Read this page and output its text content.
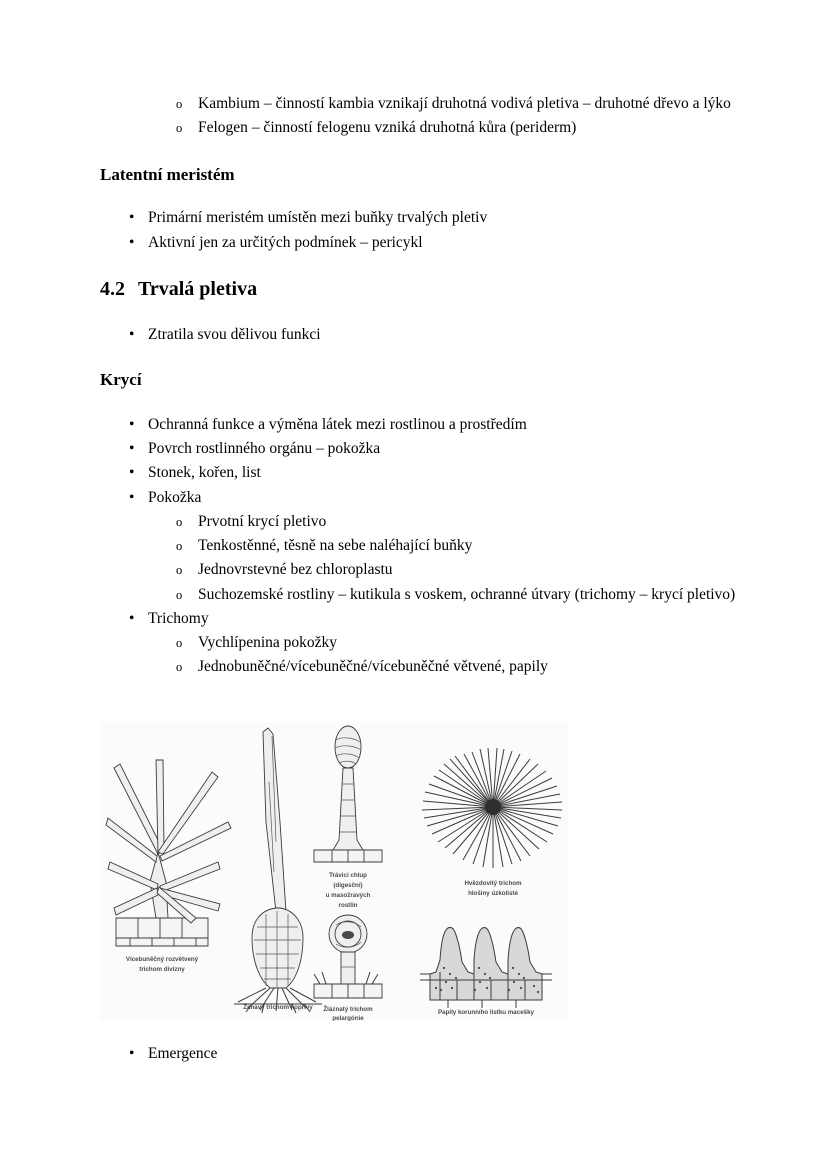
o Kambium – činností kambia vznikají druhotná vodivá pletiva – druhotné dřevo a lýko
o Felogen – činností felogenu vzniká druhotná kůra (periderm)
Latentní meristém
• Primární meristém umístěn mezi buňky trvalých pletiv
• Aktivní jen za určitých podmínek – pericykl
4.2 Trvalá pletiva
• Ztratila svou dělivou funkci
Krycí
• Ochranná funkce a výměna látek mezi rostlinou a prostředím
• Povrch rostlinného orgánu – pokožka
• Stonek, kořen, list
• Pokožka
o Prvotní krycí pletivo
o Tenkostěnné, těsně na sebe naléhající buňky
o Jednovrstevné bez chloroplastu
o Suchozemské rostliny – kutikula s voskem, ochranné útvary (trichomy – krycí pletivo)
• Trichomy
o Vychlípenina pokožky
o Jednobuněčné/vícebuněčné/vícebuněčné větvené, papily
Vícebuněčný rozvětvený
trichom divizny
Žahavý trichom kopřivy
Trávicí chlup
(digesční)
u masožravých
rostlin
Žláznatý trichom
pelargónie
Hvězdovitý trichom
hlošiny úzkolisté
Papily korunního lístku macešky
• Emergence
